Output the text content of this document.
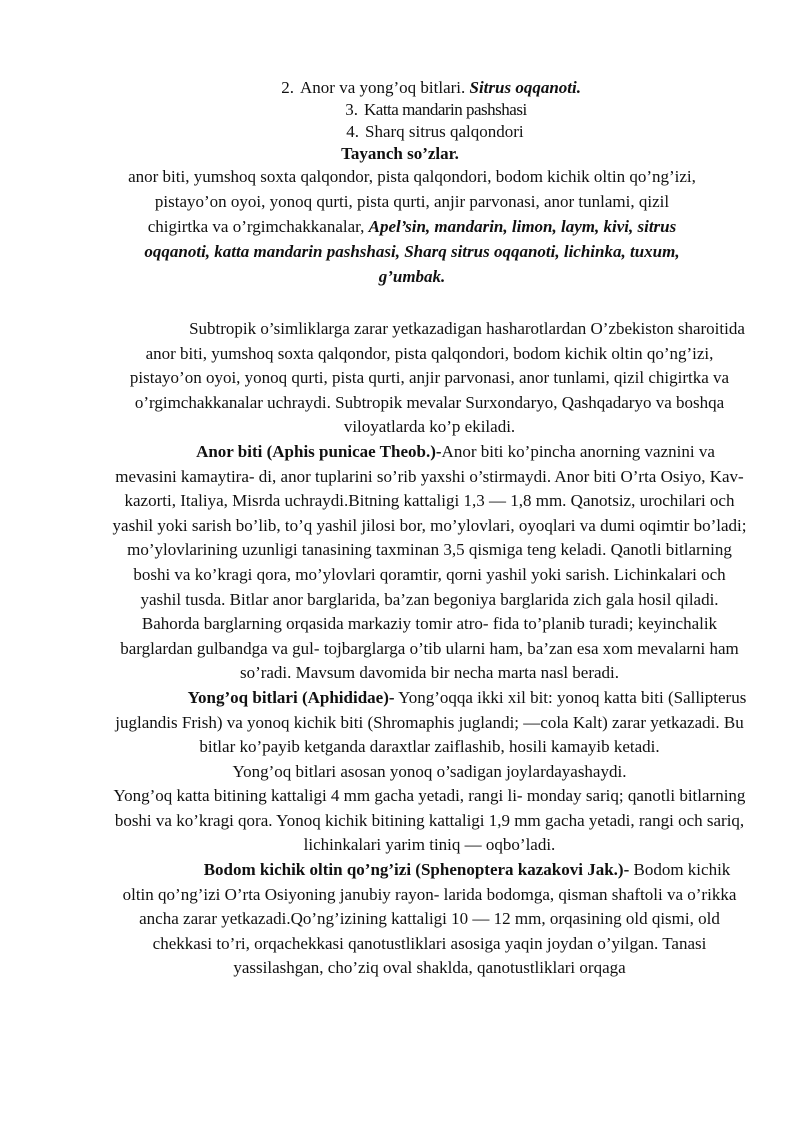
2. Anor va yong’oq bitlari. Sitrus oqqanoti.
3. Katta mandarin pashshasi
4. Sharq sitrus qalqondori
Tayanch so’zlar.
anor biti, yumshoq soxta qalqondor, pista qalqondori, bodom kichik oltin qo’ng’izi, pistayo’on oyoi, yonoq qurti, pista qurti, anjir parvonasi, anor tunlami, qizil chigirtka va o’rgimchakkanalar, Apel’sin, mandarin, limon, laym, kivi, sitrus oqqanoti, katta mandarin pashshasi, Sharq sitrus oqqanoti, lichinka, tuxum, g’umbak.

Subtropik o’simliklarga zarar yetkazadigan hasharotlardan O’zbekiston sharoitida anor biti, yumshoq soxta qalqondor, pista qalqondori, bodom kichik oltin qo’ng’izi, pistayo’on oyoi, yonoq qurti, pista qurti, anjir parvonasi, anor tunlami, qizil chigirtka va o’rgimchakkanalar uchraydi. Subtropik mevalar Surxondaryo, Qashqadaryo va boshqa viloyatlarda ko’p ekiladi.

Anor biti (Aphis punicae Theob.)-Anor biti ko’pincha anorning vaznini va mevasini kamaytira- di, anor tuplarini so’rib yaxshi o’stirmaydi. Anor biti O’rta Osiyo, Kav- kazorti, Italiya, Misrda uchraydi.Bitning kattaligi 1,3 — 1,8 mm. Qanotsiz, urochilari och yashil yoki sarish bo’lib, to’q yashil jilosi bor, mo’ylovlari, oyoqlari va dumi oqimtir bo’ladi; mo’ylovlarining uzunligi tanasining taxminan 3,5 qismiga teng keladi. Qanotli bitlarning boshi va ko’kragi qora, mo’ylovlari qoramtir, qorni yashil yoki sarish. Lichinkalari och yashil tusda. Bitlar anor barglarida, ba’zan begoniya barglarida zich gala hosil qiladi. Bahorda barglarning orqasida markaziy tomir atro- fida to’planib turadi; keyinchalik barglardan gulbandga va gul- tojbarglarga o’tib ularni ham, ba’zan esa xom mevalarni ham so’radi. Mavsum davomida bir necha marta nasl beradi.

Yong’oq bitlari (Aphididae)- Yong’oqqa ikki xil bit: yonoq katta biti (Sallipterus juglandis Frish) va yonoq kichik biti (Shromaphis juglandi; —cola Kalt) zarar yetkazadi. Bu bitlar ko’payib ketganda daraxtlar zaiflashib, hosili kamayib ketadi.

Yong’oq bitlari asosan yonoq o’sadigan joylardayashaydi.

Yong’oq katta bitining kattaligi 4 mm gacha yetadi, rangi li- monday sariq; qanotli bitlarning boshi va ko’kragi qora. Yonoq kichik bitining kattaligi 1,9 mm gacha yetadi, rangi och sariq, lichinkalari yarim tiniq — oqbo’ladi.

Bodom kichik oltin qo’ng’izi (Sphenoptera kazakovi Jak.)- Bodom kichik oltin qo’ng’izi O’rta Osiyoning janubiy rayon- larida bodomga, qisman shaftoli va o’rikka ancha zarar yetkazadi.Qo’ng’izining kattaligi 10 — 12 mm, orqasining old qismi, old chekkasi to’ri, orqachekkasi qanotustliklari asosiga yaqin joydan o’yilgan. Tanasi yassilashgan, cho’ziq oval shaklda, qanotustliklari orqaga
